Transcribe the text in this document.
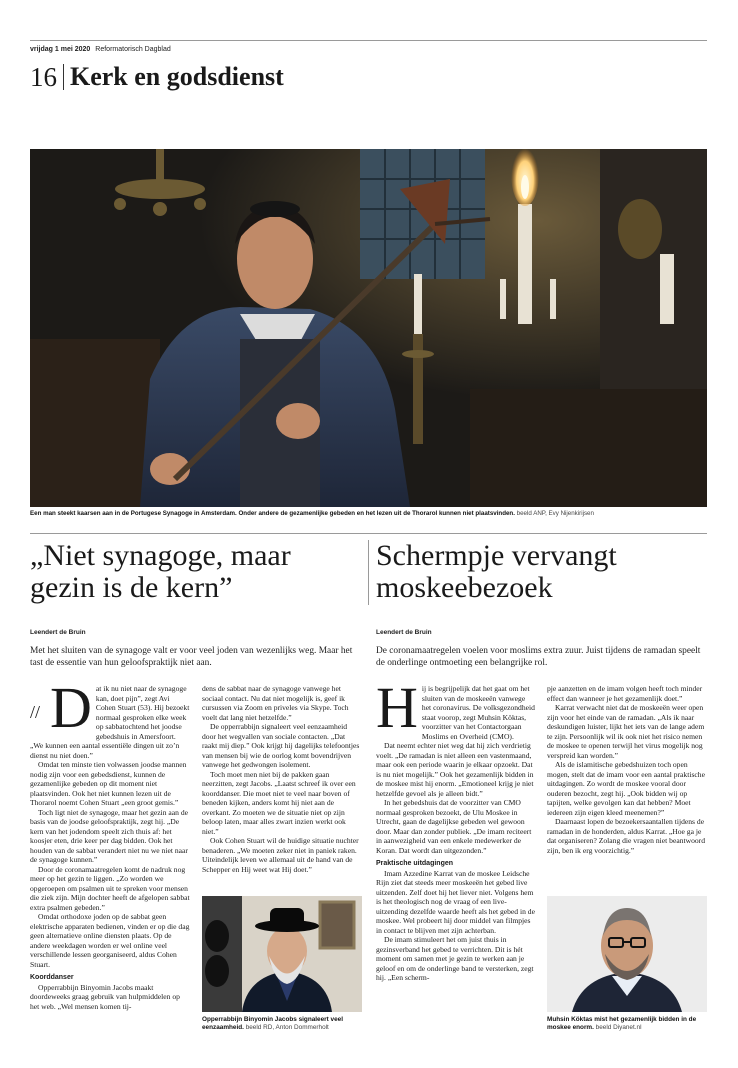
vrijdag 1 mei 2020 Reformatorisch Dagblad
16 Kerk en godsdienst
Een man steekt kaarsen aan in de Portugese Synagoge in Amsterdam. Onder andere de gezamenlijke gebeden en het lezen uit de Thorarol kunnen niet plaatsvinden. beeld ANP, Evy Nijenkirijsen
„Niet synagoge, maar
gezin is de kern”
Leendert de Bruin
Met het sluiten van de synagoge valt er voor veel joden van wezenlijks weg. Maar het tast de essentie van hun geloofspraktijk niet aan.
// D at ik nu niet naar de synagoge kan, doet pijn”, zegt Avi Cohen Stuart (53). Hij bezoekt normaal gesproken elke week op sabbatochtend het joodse gebedshuis in Amersfoort. „We kunnen een aantal essentiële dingen uit zo’n dienst nu niet doen.”

Omdat ten minste tien volwassen joodse mannen nodig zijn voor een gebedsdienst, kunnen de gezamenlijke gebeden op dit moment niet plaatsvinden. Ook het niet kunnen lezen uit de Thorarol noemt Cohen Stuart „een groot gemis.”

Toch ligt niet de synagoge, maar het gezin aan de basis van de joodse geloofspraktijk, zegt hij. „De kern van het jodendom speelt zich thuis af: het koosjer eten, drie keer per dag bidden. Ook het houden van de sabbat verandert niet nu we niet naar de synagoge kunnen.”

Door de coronamaatregelen komt de nadruk nog meer op het gezin te liggen. „Zo worden we opgeroepen om psalmen uit te spreken voor mensen die ziek zijn. Mijn dochter heeft de afgelopen sabbat extra psalmen gebeden.”

Omdat orthodoxe joden op de sabbat geen elektrische apparaten bedienen, vinden er op die dag geen alternatieve online diensten plaats. Op de andere weekdagen worden er wel online veel verschillende lessen georganiseerd, aldus Cohen Stuart.

Koorddanser

Opperrabbijn Binyomin Jacobs maakt doordeweeks graag gebruik van hulpmiddelen op het web. „Wel mensen komen tij-

dens de sabbat naar de synagoge vanwege het sociaal contact. Nu dat niet mogelijk is, geef ik cursussen via Zoom en priveles via Skype. Toch voelt dat lang niet hetzelfde.”

De opperrabbijn signaleert veel eenzaamheid door het wegvallen van sociale contacten. „Dat raakt mij diep.” Ook krijgt hij dagelijks telefoontjes van mensen bij wie de oorlog komt bovendrijven vanwege het gedwongen isolement.

Toch moet men niet bij de pakken gaan neerzitten, zegt Jacobs. „Laatst schreef ik over een koorddanser. Die moet niet te veel naar boven of beneden kijken, anders komt hij niet aan de overkant. Zo moeten we de situatie niet op zijn beloop laten, maar alles zwart inzien werkt ook niet.”

Ook Cohen Stuart wil de huidige situatie nuchter benaderen. „We moeten zeker niet in paniek raken. Uiteindelijk leven we allemaal uit de hand van de Schepper en Hij weet wat Hij doet.”

Opperrabbijn Binyomin Jacobs signaleert veel eenzaamheid. beeld RD, Anton Dommerholt
Schermpje vervangt
moskeebezoek
Leendert de Bruin
De coronamaatregelen voelen voor moslims extra zuur. Juist tijdens de ramadan speelt de onderlinge ontmoeting een belangrijke rol.
H ij is begrijpelijk dat het gaat om het sluiten van de moskeeën vanwege het coronavirus. De volksgezondheid staat voorop, zegt Muhsin Köktas, voorzitter van het Contactorgaan Moslims en Overheid (CMO).

Dat neemt echter niet weg dat hij zich verdrietig voelt. „De ramadan is niet alleen een vastenmaand, maar ook een periode waarin je elkaar opzoekt. Dat is nu niet mogelijk.” Ook het gezamenlijk bidden in de moskee mist hij enorm. „Emotioneel krijg je niet hetzelfde gevoel als je alleen bidt.”

In het gebedshuis dat de voorzitter van CMO normaal gesproken bezoekt, de Ulu Moskee in Utrecht, gaan de dagelijkse gebeden wel gewoon door. Maar dan zonder publiek. „De imam reciteert in aanwezigheid van een enkele medewerker de Koran. Dat wordt dan uitgezonden.”

Praktische uitdagingen

Imam Azzedine Karrat van de moskee Leidsche Rijn ziet dat steeds meer moskeeën het gebed live uitzenden. Zelf doet hij het liever niet. Volgens hem is het theologisch nog de vraag of een live-uitzending dezelfde waarde heeft als het gebed in de moskee. Wel probeert hij door middel van filmpjes in contact te blijven met zijn achterban.

De imam stimuleert het om juist thuis in gezinsverband het gebed te verrichten. Dit is hét moment om samen met je gezin te werken aan je geloof en om de onderlinge band te versterken, zegt hij. „Een scherm-

pje aanzetten en de imam volgen heeft toch minder effect dan wanneer je het gezamenlijk doet.”

Karrat verwacht niet dat de moskeeën weer open zijn voor het einde van de ramadan. „Als ik naar deskundigen luister, lijkt het iets van de lange adem te zijn. Persoonlijk wil ik ook niet het risico nemen de moskee te openen terwijl het virus mogelijk nog verspreid kan worden.”

Als de islamitische gebedshuizen toch open mogen, stelt dat de imam voor een aantal praktische uitdagingen. Zo wordt de moskee vooral door ouderen bezocht, zegt hij. „Ook bidden wij op tapijten, welke gevolgen kan dat hebben? Moet iedereen zijn eigen kleed meenemen?”

Daarnaast lopen de bezoekersaantallen tijdens de ramadan in de honderden, aldus Karrat. „Hoe ga je dat organiseren? Zolang die vragen niet beantwoord zijn, ben ik erg voorzichtig.”

Muhsin Köktas mist het gezamenlijk bidden in de moskee enorm. beeld Diyanet.nl
